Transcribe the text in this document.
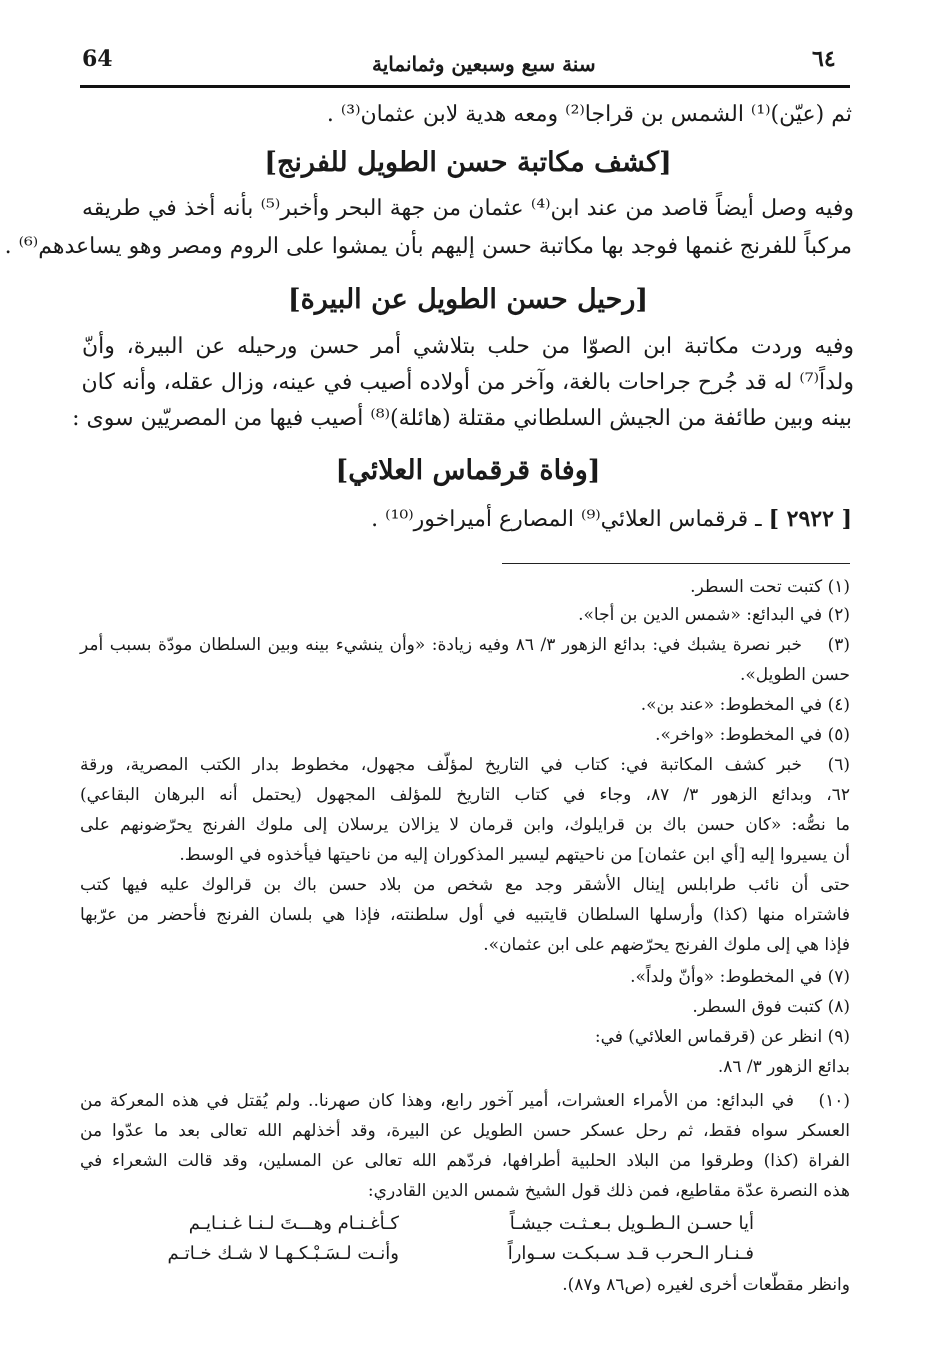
64	سنة سبع وسبعين وثمانماية	٦٤
ثم (عيّن)⁽¹⁾ الشمس بن قراجا⁽²⁾ ومعه هدية لابن عثمان⁽³⁾ .
[كشف مكاتبة حسن الطويل للفرنج]
وفيه وصل أيضاً قاصد من عند ابن⁽⁴⁾ عثمان من جهة البحر وأخبر⁽⁵⁾ بأنه أخذ في طريقه
مركباً للفرنج غنمها فوجد بها مكاتبة حسن إليهم بأن يمشوا على الروم ومصر وهو يساعدهم⁽⁶⁾ .
[رحيل حسن الطويل عن البيرة]
وفيه وردت مكاتبة ابن الصوّا من حلب بتلاشي أمر حسن ورحيله عن البيرة، وأنّ
ولداً⁽⁷⁾ له قد جُرح جراحات بالغة، وآخر من أولاده أصيب في عينه، وزال عقله، وأنه كان
بينه وبين طائفة من الجيش السلطاني مقتلة (هائلة)⁽⁸⁾ أصيب فيها من المصريّين سوى :
[وفاة قرقماس العلائي]
[ ٢٩٢٢ ] ـ قرقماس العلائي⁽⁹⁾ المصارع أميراخور⁽¹⁰⁾ .
(١) كتبت تحت السطر.
(٢) في البدائع: «شمس الدين بن أجا».
(٣)
خبر نصرة يشبك في: بدائع الزهور ٣/ ٨٦ وفيه زيادة: «وأن ينشيء بينه وبين السلطان مودّة بسبب أمر
حسن الطويل».
(٤) في المخطوط: «عند بن».
(٥) في المخطوط: «واخر».
(٦)
خبر كشف المكاتبة في: كتاب في التاريخ لمؤلّف مجهول، مخطوط بدار الكتب المصرية، ورقة
٦٢، وبدائع الزهور ٣/ ٨٧، وجاء في كتاب التاريخ للمؤلف المجهول (يحتمل أنه البرهان البقاعي)
ما نصُّه: «كان حسن باك بن قرايلوك، وابن قرمان لا يزالان يرسلان إلى ملوك الفرنج يحرّضونهم على
أن يسيروا إليه [أي ابن عثمان] من ناحيتهم ليسير المذكوران إليه من ناحيتها فيأخذوه في الوسط.
حتى أن نائب طرابلس إينال الأشقر وجد مع شخص من بلاد حسن باك بن قرالوك عليه فيها كتب
فاشتراه منها (كذا) وأرسلها السلطان قايتبيه في أول سلطنته، فإذا هي بلسان الفرنج فأحضر من عرّبها
فإذا هي إلى ملوك الفرنج يحرّضهم على ابن عثمان».
(٧) في المخطوط: «وأنّ ولداً».
(٨) كتبت فوق السطر.
(٩) انظر عن (قرقماس العلائي) في:
بدائع الزهور ٣/ ٨٦.
(١٠)
في البدائع: من الأمراء العشرات، أمير آخور رابع، وهذا كان صهرنا.. ولم يُقتل في هذه المعركة من
العسكر سواه فقط، ثم رحل عسكر حسن الطويل عن البيرة، وقد أخذلهم الله تعالى بعد ما عدّوا من
الفراة (كذا) وطرقوا من البلاد الحلبية أطرافها، فردّهم الله تعالى عن المسلين، وقد قالت الشعراء في
هذه النصرة عدّة مقاطيع، فمن ذلك قول الشيخ شمس الدين القادري:
أيا حسـن الـطـويل بـعـثـت جيشـاً
كـأغـنـام وهـــتَ لـنـا غـنـايـم
فـنـار الـحرب قـد سـبكـت سـواراً
وأنـت لـسَـبْـكـهـا لا شـك خـاتـم
وانظر مقطّعات أخرى لغيره (ص٨٦ و٨٧).
